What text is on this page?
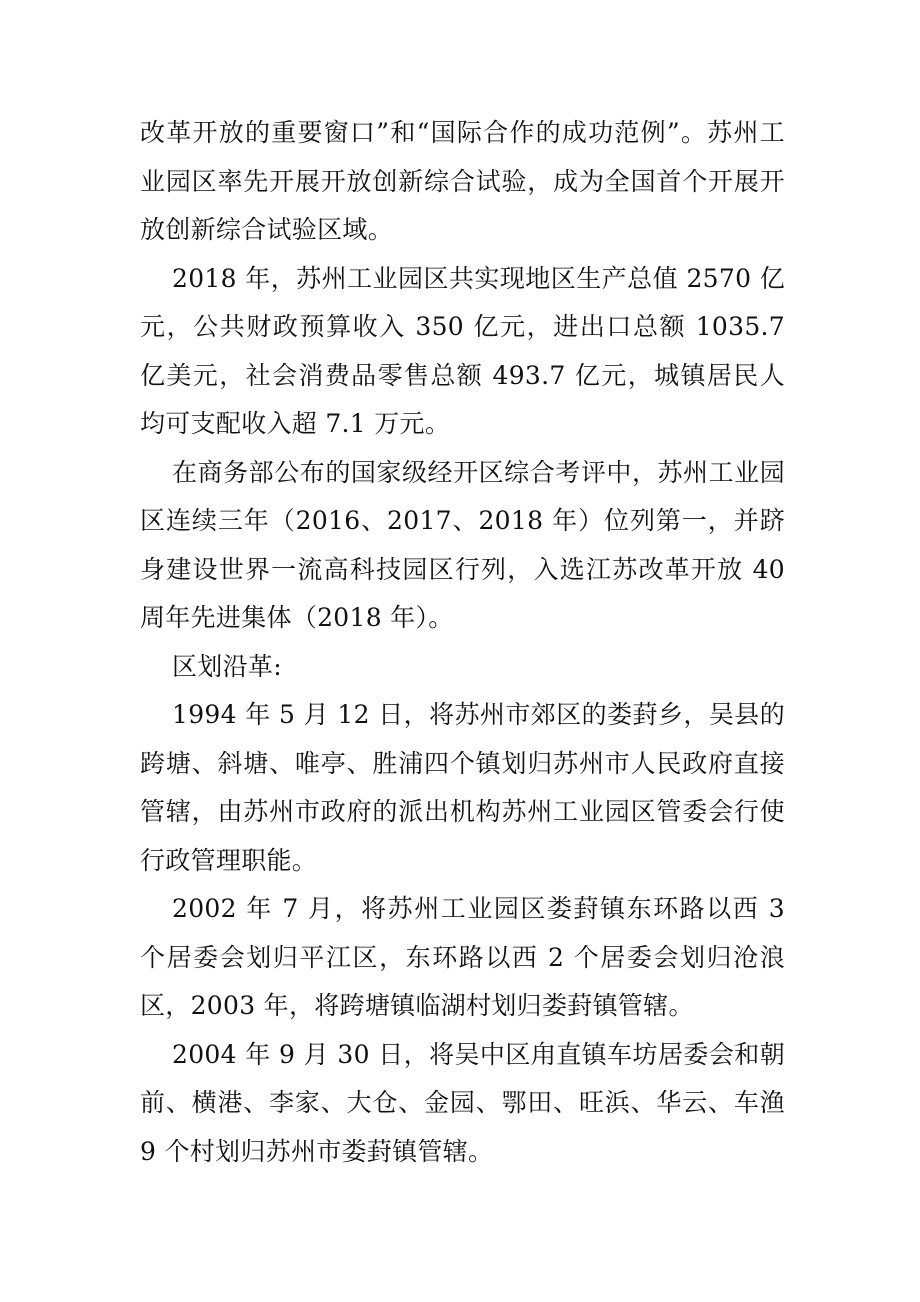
改革开放的重要窗口”和“国际合作的成功范例”。苏州工业园区率先开展开放创新综合试验，成为全国首个开展开放创新综合试验区域。

2018 年，苏州工业园区共实现地区生产总值 2570 亿元，公共财政预算收入 350 亿元，进出口总额 1035.7 亿美元，社会消费品零售总额 493.7 亿元，城镇居民人均可支配收入超 7.1 万元。

在商务部公布的国家级经开区综合考评中，苏州工业园区连续三年（2016、2017、2018 年）位列第一，并跻身建设世界一流高科技园区行列，入选江苏改革开放 40 周年先进集体（2018 年）。

区划沿革:

1994 年 5 月 12 日，将苏州市郊区的娄葑乡，吴县的跨塘、斜塘、唯亭、胜浦四个镇划归苏州市人民政府直接管辖，由苏州市政府的派出机构苏州工业园区管委会行使行政管理职能。

2002 年 7 月，将苏州工业园区娄葑镇东环路以西 3 个居委会划归平江区，东环路以西 2 个居委会划归沧浪区，2003 年，将跨塘镇临湖村划归娄葑镇管辖。

2004 年 9 月 30 日，将吴中区甪直镇车坊居委会和朝前、横港、李家、大仓、金园、鄂田、旺浜、华云、车渔 9 个村划归苏州市娄葑镇管辖。
